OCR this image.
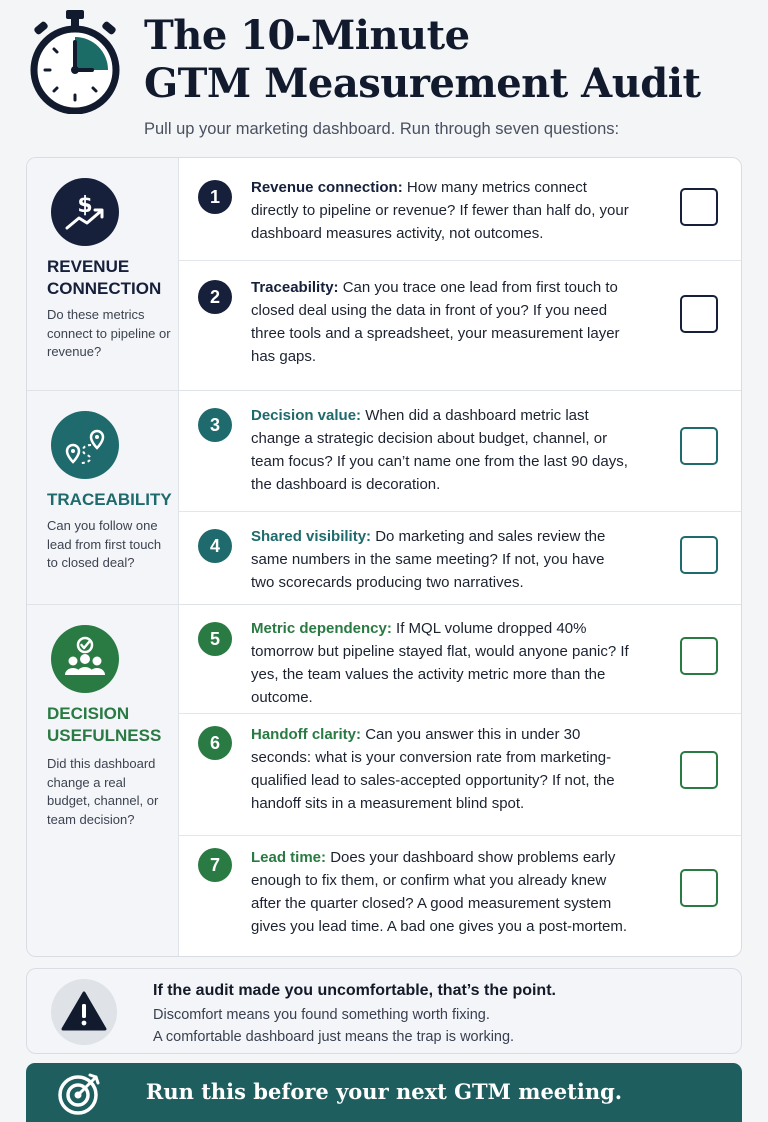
The 10-Minute
GTM Measurement Audit
Pull up your marketing dashboard. Run through seven questions:
$
REVENUE
CONNECTION
Do these metrics connect to pipeline or revenue?
TRACEABILITY
Can you follow one lead from first touch to closed deal?
DECISION
USEFULNESS
Did this dashboard change a real budget, channel, or team decision?
1	Revenue connection: How many metrics connect directly to pipeline or revenue? If fewer than half do, your dashboard measures activity, not outcomes.
2	Traceability: Can you trace one lead from first touch to closed deal using the data in front of you? If you need three tools and a spreadsheet, your measurement layer has gaps.
3	Decision value: When did a dashboard metric last change a strategic decision about budget, channel, or team focus? If you can’t name one from the last 90 days, the dashboard is decoration.
4	Shared visibility: Do marketing and sales review the same numbers in the same meeting? If not, you have two scorecards producing two narratives.
5
Metric dependency: If MQL volume dropped 40% tomorrow but pipeline stayed flat, would anyone panic? If yes, the team values the activity metric more than the outcome.
6	Handoff clarity: Can you answer this in under 30 seconds: what is your conversion rate from marketing-qualified lead to sales-accepted opportunity? If not, the handoff sits in a measurement blind spot.
7	Lead time: Does your dashboard show problems early enough to fix them, or confirm what you already knew after the quarter closed? A good measurement system gives you lead time. A bad one gives you a post-mortem.
If the audit made you uncomfortable, that’s the point.
Discomfort means you found something worth fixing.
A comfortable dashboard just means the trap is working.
Run this before your next GTM meeting.
